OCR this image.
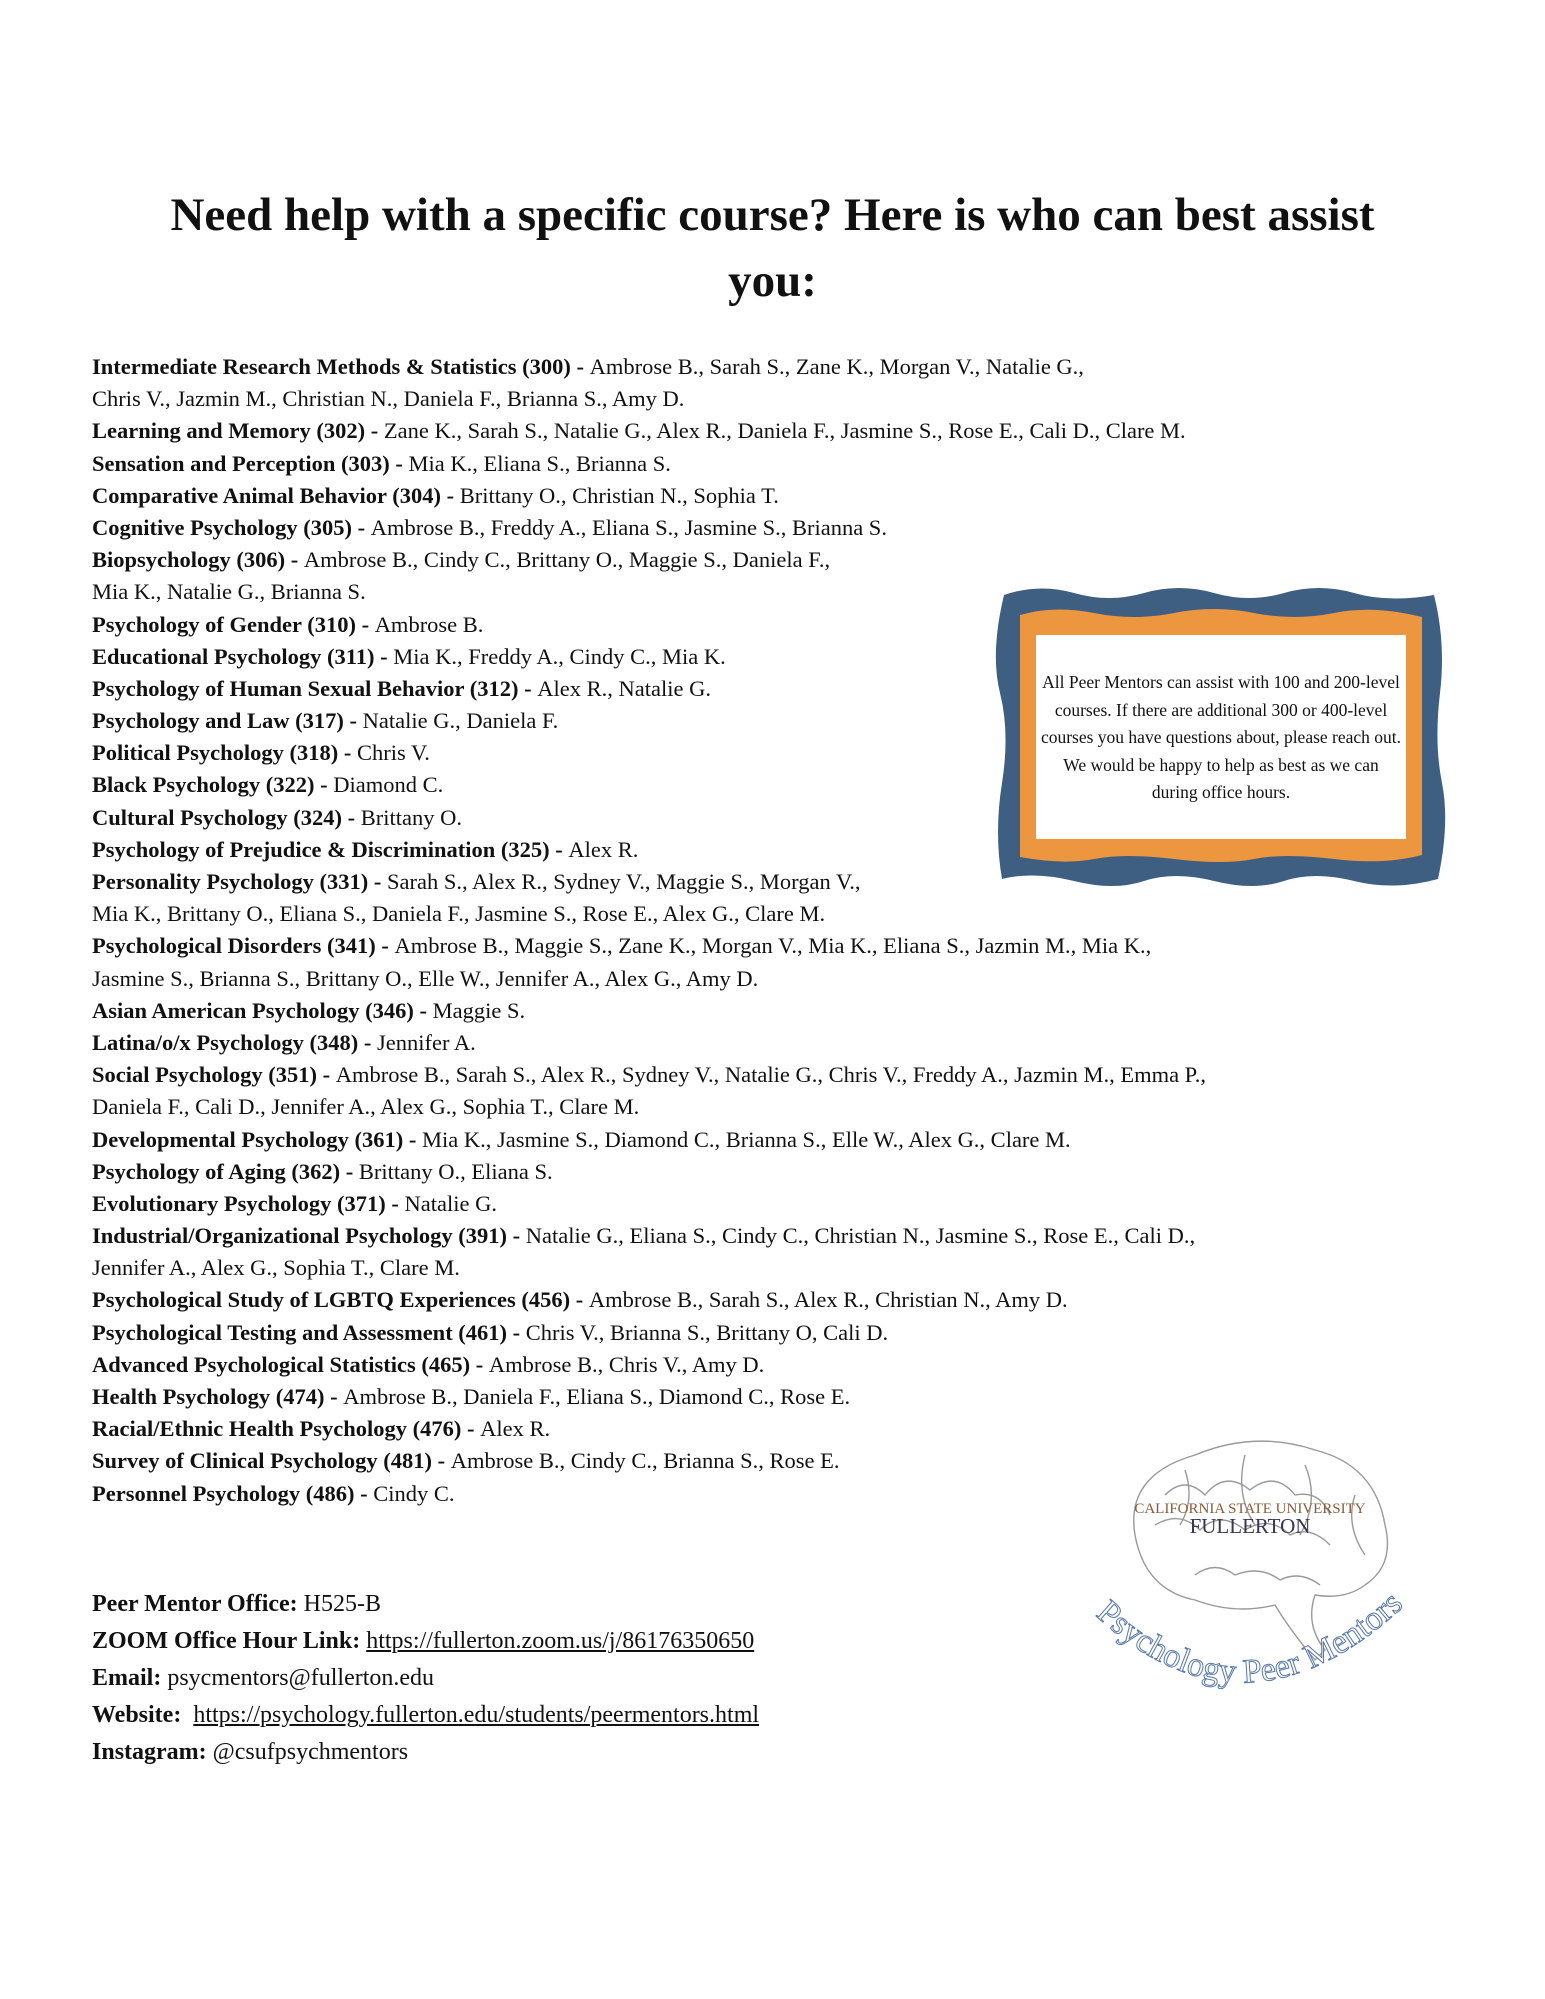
Need help with a specific course? Here is who can best assist you:
Intermediate Research Methods & Statistics (300) - Ambrose B., Sarah S., Zane K., Morgan V., Natalie G.,
Chris V., Jazmin M., Christian N., Daniela F., Brianna S., Amy D.
Learning and Memory (302) - Zane K., Sarah S., Natalie G., Alex R., Daniela F., Jasmine S., Rose E., Cali D., Clare M.
Sensation and Perception (303) - Mia K., Eliana S., Brianna S.
Comparative Animal Behavior (304) - Brittany O., Christian N., Sophia T.
Cognitive Psychology (305) - Ambrose B., Freddy A., Eliana S., Jasmine S., Brianna S.
Biopsychology (306) - Ambrose B., Cindy C., Brittany O., Maggie S., Daniela F.,
Mia K., Natalie G., Brianna S.
Psychology of Gender (310) - Ambrose B.
Educational Psychology (311) - Mia K., Freddy A., Cindy C., Mia K.
Psychology of Human Sexual Behavior (312) - Alex R., Natalie G.
Psychology and Law (317) - Natalie G., Daniela F.
Political Psychology (318) - Chris V.
Black Psychology (322) - Diamond C.
Cultural Psychology (324) - Brittany O.
Psychology of Prejudice & Discrimination (325) - Alex R.
Personality Psychology (331) - Sarah S., Alex R., Sydney V., Maggie S., Morgan V.,
Mia K., Brittany O., Eliana S., Daniela F., Jasmine S., Rose E., Alex G., Clare M.
Psychological Disorders (341) - Ambrose B., Maggie S., Zane K., Morgan V., Mia K., Eliana S., Jazmin M., Mia K.,
Jasmine S., Brianna S., Brittany O., Elle W., Jennifer A., Alex G., Amy D.
Asian American Psychology (346) - Maggie S.
Latina/o/x Psychology (348) - Jennifer A.
Social Psychology (351) - Ambrose B., Sarah S., Alex R., Sydney V., Natalie G., Chris V., Freddy A., Jazmin M., Emma P.,
Daniela F., Cali D., Jennifer A., Alex G., Sophia T., Clare M.
Developmental Psychology (361) - Mia K., Jasmine S., Diamond C., Brianna S., Elle W., Alex G., Clare M.
Psychology of Aging (362) - Brittany O., Eliana S.
Evolutionary Psychology (371) - Natalie G.
Industrial/Organizational Psychology (391) - Natalie G., Eliana S., Cindy C., Christian N., Jasmine S., Rose E., Cali D.,
Jennifer A., Alex G., Sophia T., Clare M.
Psychological Study of LGBTQ Experiences (456) - Ambrose B., Sarah S., Alex R., Christian N., Amy D.
Psychological Testing and Assessment (461) - Chris V., Brianna S., Brittany O, Cali D.
Advanced Psychological Statistics (465) - Ambrose B., Chris V., Amy D.
Health Psychology (474) - Ambrose B., Daniela F., Eliana S., Diamond C., Rose E.
Racial/Ethnic Health Psychology (476) - Alex R.
Survey of Clinical Psychology (481) - Ambrose B., Cindy C., Brianna S., Rose E.
Personnel Psychology (486) - Cindy C.
All Peer Mentors can assist with 100 and 200-level courses. If there are additional 300 or 400-level courses you have questions about, please reach out. We would be happy to help as best as we can during office hours.
Peer Mentor Office: H525-B
ZOOM Office Hour Link: https://fullerton.zoom.us/j/86176350650
Email: psycmentors@fullerton.edu
Website: https://psychology.fullerton.edu/students/peermentors.html
Instagram: @csufpsychmentors
CALIFORNIA STATE UNIVERSITY
FULLERTON
Psychology Peer Mentors
